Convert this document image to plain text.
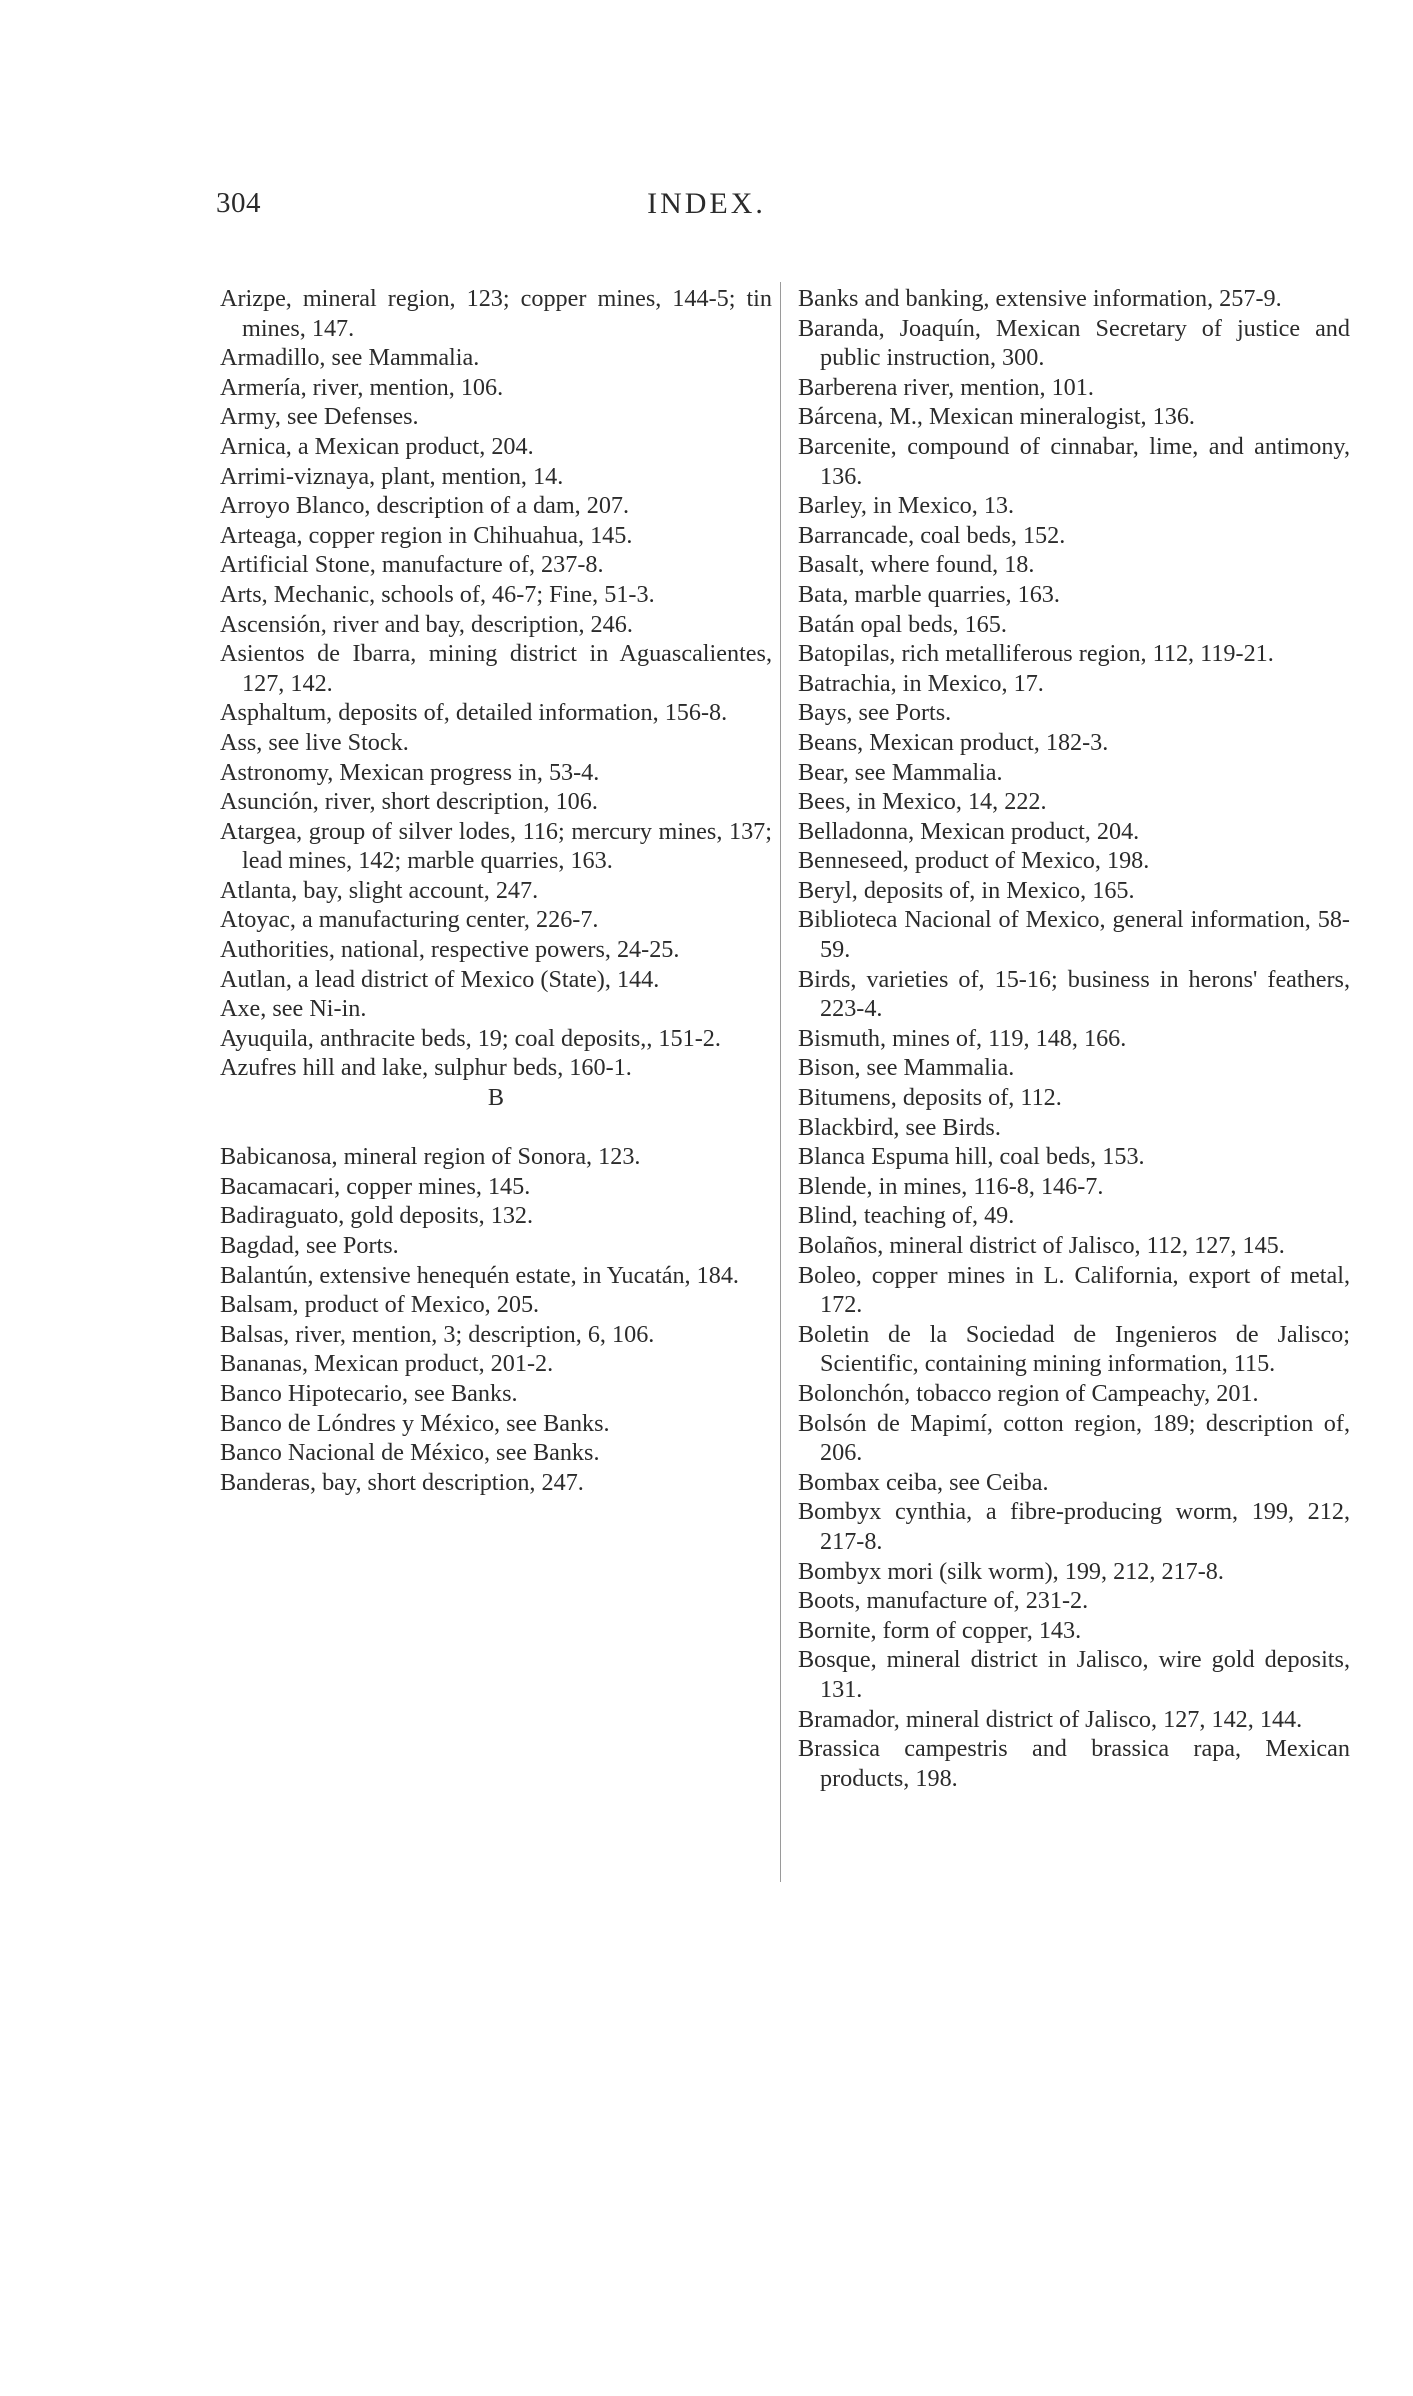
304	INDEX.

Arizpe, mineral region, 123; copper mines, 144-5; tin mines, 147.

Armadillo, see Mammalia.

Armería, river, mention, 106.

Army, see Defenses.

Arnica, a Mexican product, 204.

Arrimi-viznaya, plant, mention, 14.

Arroyo Blanco, description of a dam, 207.

Arteaga, copper region in Chihuahua, 145.

Artificial Stone, manufacture of, 237-8.

Arts, Mechanic, schools of, 46-7; Fine, 51-3.

Ascensión, river and bay, description, 246.

Asientos de Ibarra, mining district in Aguascalientes, 127, 142.

Asphaltum, deposits of, detailed information, 156-8.

Ass, see live Stock.

Astronomy, Mexican progress in, 53-4.

Asunción, river, short description, 106.

Atargea, group of silver lodes, 116; mercury mines, 137; lead mines, 142; marble quarries, 163.

Atlanta, bay, slight account, 247.

Atoyac, a manufacturing center, 226-7.

Authorities, national, respective powers, 24-25.

Autlan, a lead district of Mexico (State), 144.

Axe, see Ni-in.

Ayuquila, anthracite beds, 19; coal deposits,, 151-2.

Azufres hill and lake, sulphur beds, 160-1.

B

Babicanosa, mineral region of Sonora, 123.

Bacamacari, copper mines, 145.

Badiraguato, gold deposits, 132.

Bagdad, see Ports.

Balantún, extensive henequén estate, in Yucatán, 184.

Balsam, product of Mexico, 205.

Balsas, river, mention, 3; description, 6, 106.

Bananas, Mexican product, 201-2.

Banco Hipotecario, see Banks.

Banco de Lóndres y México, see Banks.

Banco Nacional de México, see Banks.

Banderas, bay, short description, 247.

Banks and banking, extensive information, 257-9.

Baranda, Joaquín, Mexican Secretary of justice and public instruction, 300.

Barberena river, mention, 101.

Bárcena, M., Mexican mineralogist, 136.

Barcenite, compound of cinnabar, lime, and antimony, 136.

Barley, in Mexico, 13.

Barrancade, coal beds, 152.

Basalt, where found, 18.

Bata, marble quarries, 163.

Batán opal beds, 165.

Batopilas, rich metalliferous region, 112, 119-21.

Batrachia, in Mexico, 17.

Bays, see Ports.

Beans, Mexican product, 182-3.

Bear, see Mammalia.

Bees, in Mexico, 14, 222.

Belladonna, Mexican product, 204.

Benneseed, product of Mexico, 198.

Beryl, deposits of, in Mexico, 165.

Biblioteca Nacional of Mexico, general information, 58-59.

Birds, varieties of, 15-16; business in herons' feathers, 223-4.

Bismuth, mines of, 119, 148, 166.

Bison, see Mammalia.

Bitumens, deposits of, 112.

Blackbird, see Birds.

Blanca Espuma hill, coal beds, 153.

Blende, in mines, 116-8, 146-7.

Blind, teaching of, 49.

Bolaños, mineral district of Jalisco, 112, 127, 145.

Boleo, copper mines in L. California, export of metal, 172.

Boletin de la Sociedad de Ingenieros de Jalisco; Scientific, containing mining information, 115.

Bolonchón, tobacco region of Campeachy, 201.

Bolsón de Mapimí, cotton region, 189; description of, 206.

Bombax ceiba, see Ceiba.

Bombyx cynthia, a fibre-producing worm, 199, 212, 217-8.

Bombyx mori (silk worm), 199, 212, 217-8.

Boots, manufacture of, 231-2.

Bornite, form of copper, 143.

Bosque, mineral district in Jalisco, wire gold deposits, 131.

Bramador, mineral district of Jalisco, 127, 142, 144.

Brassica campestris and brassica rapa, Mexican products, 198.
